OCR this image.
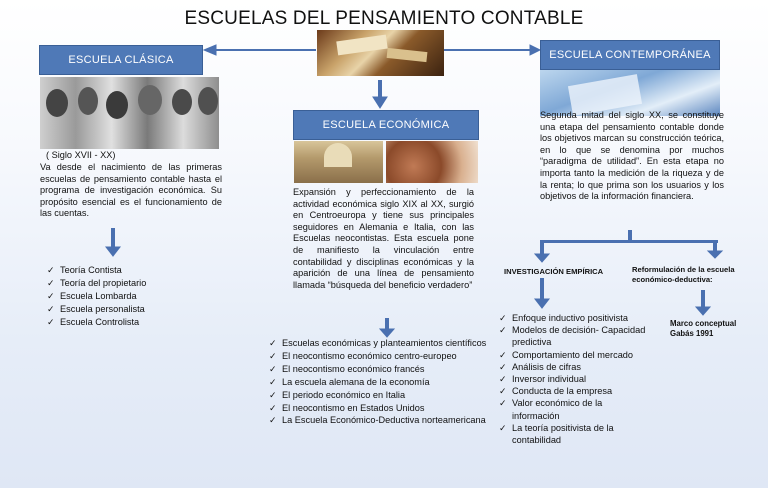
ESCUELAS DEL PENSAMIENTO CONTABLE
ESCUELA CLÁSICA
( Siglo XVII - XX)
Va desde el nacimiento de las primeras escuelas de pensamiento contable hasta el programa de investigación económica. Su propósito esencial es el funcionamiento de las cuentas.
✓ Teoría Contista
✓ Teoría del propietario
✓ Escuela Lombarda
✓ Escuela personalista
✓ Escuela Controlista
ESCUELA ECONÓMICA
Expansión y perfeccionamiento de la actividad económica siglo XIX al XX, surgió en Centroeuropa y tiene sus principales seguidores en Alemania e Italia, con las Escuelas neocontistas. Esta escuela pone de manifiesto la vinculación entre contabilidad y disciplinas económicas y la aparición de una línea de pensamiento llamada “búsqueda del beneficio verdadero”
✓ Escuelas económicas y planteamientos científicos
✓ El neocontismo económico centro-europeo
✓ El neocontismo económico francés
✓ La escuela alemana de la economía
✓ El periodo económico en Italia
✓ El neocontismo en Estados Unidos
✓ La Escuela Económico-Deductiva norteamericana
ESCUELA CONTEMPORÁNEA
Segunda mitad del siglo XX, se constituye una etapa del pensamiento contable donde los objetivos marcan su construcción teórica, en lo que se denomina por muchos “paradigma de utilidad”. En esta etapa no importa tanto la medición de la riqueza y de la renta; lo que prima son los usuarios y los objetivos de la información financiera.
INVESTIGACIÓN EMPÍRICA	Reformulación de la escuela económico-deductiva:
✓ Enfoque inductivo positivista
✓ Modelos de decisión- Capacidad predictiva
✓ Comportamiento del mercado
✓ Análisis de cifras
✓ Inversor individual
✓ Conducta de la empresa
✓ Valor económico de la información
✓ La teoría positivista de la contabilidad
Marco conceptual Gabás 1991
